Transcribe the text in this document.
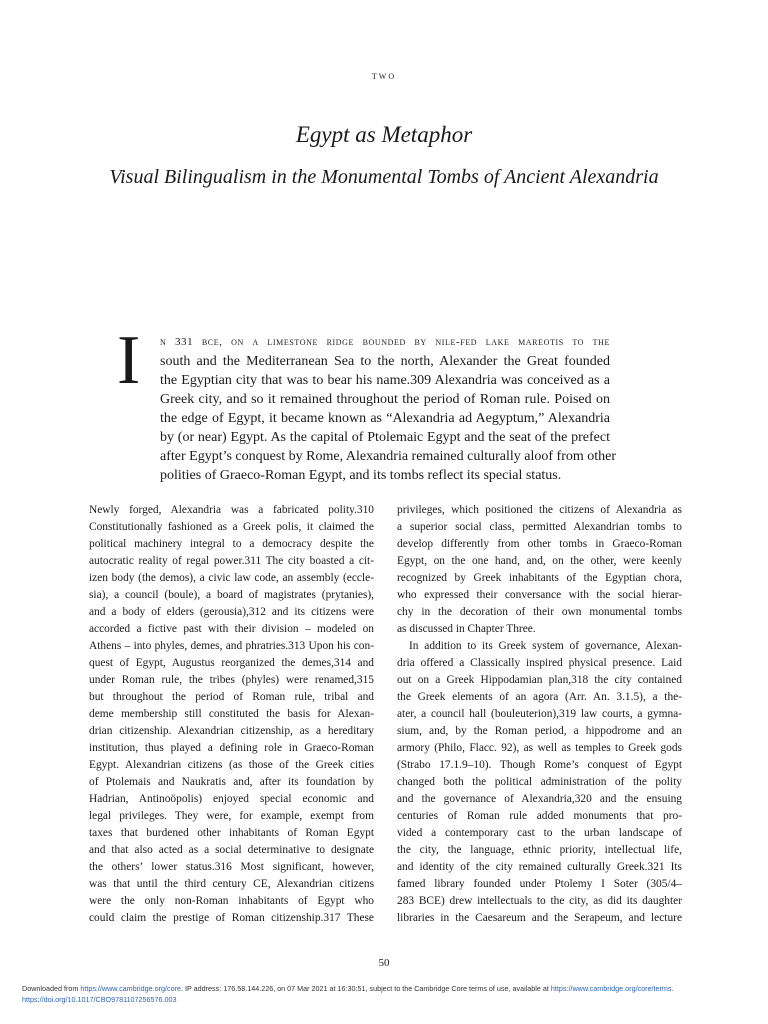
two
Egypt as Metaphor
Visual Bilingualism in the Monumental Tombs of Ancient Alexandria
I n 331 bce, on a limestone ridge bounded by nile-fed lake mareotis to the
south and the Mediterranean Sea to the north, Alexander the Great founded
the Egyptian city that was to bear his name.309 Alexandria was conceived as a
Greek city, and so it remained throughout the period of Roman rule. Poised on
the edge of Egypt, it became known as “Alexandria ad Aegyptum,” Alexandria
by (or near) Egypt. As the capital of Ptolemaic Egypt and the seat of the prefect
after Egypt’s conquest by Rome, Alexandria remained culturally aloof from other
polities of Graeco-Roman Egypt, and its tombs reflect its special status.
Newly forged, Alexandria was a fabricated polity.310
Constitutionally fashioned as a Greek polis, it claimed the
political machinery integral to a democracy despite the
autocratic reality of regal power.311 The city boasted a cit-
izen body (the demos), a civic law code, an assembly (eccle-
sia), a council (boule), a board of magistrates (prytanies),
and a body of elders (gerousia),312 and its citizens were
accorded a fictive past with their division – modeled on
Athens – into phyles, demes, and phratries.313 Upon his con-
quest of Egypt, Augustus reorganized the demes,314 and
under Roman rule, the tribes (phyles) were renamed,315
but throughout the period of Roman rule, tribal and
deme membership still constituted the basis for Alexan-
drian citizenship. Alexandrian citizenship, as a hereditary
institution, thus played a defining role in Graeco-Roman
Egypt. Alexandrian citizens (as those of the Greek cities
of Ptolemais and Naukratis and, after its foundation by
Hadrian, Antinoöpolis) enjoyed special economic and
legal privileges. They were, for example, exempt from
taxes that burdened other inhabitants of Roman Egypt
and that also acted as a social determinative to designate
the others’ lower status.316 Most significant, however,
was that until the third century CE, Alexandrian citizens
were the only non-Roman inhabitants of Egypt who
could claim the prestige of Roman citizenship.317 These
privileges, which positioned the citizens of Alexandria as
a superior social class, permitted Alexandrian tombs to
develop differently from other tombs in Graeco-Roman
Egypt, on the one hand, and, on the other, were keenly
recognized by Greek inhabitants of the Egyptian chora,
who expressed their conversance with the social hierar-
chy in the decoration of their own monumental tombs
as discussed in Chapter Three.
In addition to its Greek system of governance, Alexan-
dria offered a Classically inspired physical presence. Laid
out on a Greek Hippodamian plan,318 the city contained
the Greek elements of an agora (Arr. An. 3.1.5), a the-
ater, a council hall (bouleuterion),319 law courts, a gymna-
sium, and, by the Roman period, a hippodrome and an
armory (Philo, Flacc. 92), as well as temples to Greek gods
(Strabo 17.1.9–10). Though Rome’s conquest of Egypt
changed both the political administration of the polity
and the governance of Alexandria,320 and the ensuing
centuries of Roman rule added monuments that pro-
vided a contemporary cast to the urban landscape of
the city, the language, ethnic priority, intellectual life,
and identity of the city remained culturally Greek.321 Its
famed library founded under Ptolemy I Soter (305/4–
283 BCE) drew intellectuals to the city, as did its daughter
libraries in the Caesareum and the Serapeum, and lecture
50
Downloaded from https://www.cambridge.org/core. IP address: 176.58.144.226, on 07 Mar 2021 at 16:30:51, subject to the Cambridge Core terms of use, available at https://www.cambridge.org/core/terms.
https://doi.org/10.1017/CBO9781107256576.003
